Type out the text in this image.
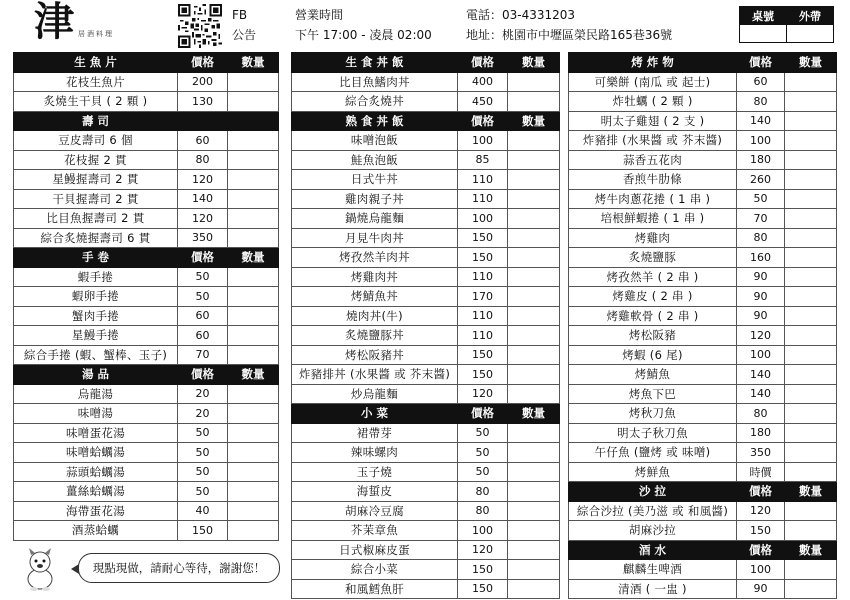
津 居酒料理
FB
公告
營業時間
下午 17:00 - 凌晨 02:00
電話：03-4331203
地址：桃園市中壢區榮民路165巷36號
桌號	外帶

生 魚 片	價格	數量
花枝生魚片	200	
炙燒生干貝 ( 2 顆 )	130	
壽 司		
豆皮壽司 6 個	60	
花枝握 2 貫	80	
星鰻握壽司 2 貫	120	
干貝握壽司 2 貫	140	
比目魚握壽司 2 貫	120	
綜合炙燒握壽司 6 貫	350	
手 卷	價格	數量
蝦手捲	50	
蝦卵手捲	50	
蟹肉手捲	60	
星鰻手捲	60	
綜合手捲 (蝦、蟹棒、玉子)	70	
湯 品	價格	數量
烏龍湯	20	
味噌湯	20	
味噌蛋花湯	50	
味噌蛤蠣湯	50	
蒜頭蛤蠣湯	50	
薑絲蛤蠣湯	50	
海帶蛋花湯	40	
酒蒸蛤蠣	150	
生 食 丼 飯	價格	數量
比目魚鰭肉丼	400	
綜合炙燒丼	450	
熟 食 丼 飯	價格	數量
味噌泡飯	100	
鮭魚泡飯	85	
日式牛丼	110	
雞肉親子丼	110	
鍋燒烏龍麵	100	
月見牛肉丼	150	
烤孜然羊肉丼	150	
烤雞肉丼	110	
烤鯖魚丼	170	
燒肉丼(牛)	110	
炙燒鹽豚丼	110	
烤松阪豬丼	150	
炸豬排丼 (水果醬 或 芥末醬)	150	
炒烏龍麵	120	
小 菜	價格	數量
裙帶芽	50	
辣味螺肉	50	
玉子燒	50	
海蜇皮	80	
胡麻冷豆腐	80	
芥茉章魚	100	
日式椒麻皮蛋	120	
綜合小菜	150	
和風鱈魚肝	150	
烤 炸 物	價格	數量
可樂餅 (南瓜 或 起士)	60	
炸牡蠣 ( 2 顆 )	80	
明太子雞翅 ( 2 支 )	140	
炸豬排 (水果醬 或 芥末醬)	100	
蒜香五花肉	180	
香煎牛肋條	260	
烤牛肉蔥花捲 ( 1 串 )	50	
培根鮮蝦捲 ( 1 串 )	70	
烤雞肉	80	
炙燒鹽豚	160	
烤孜然羊 ( 2 串 )	90	
烤雞皮 ( 2 串 )	90	
烤雞軟骨 ( 2 串 )	90	
烤松阪豬	120	
烤蝦 (6 尾)	100	
烤鯖魚	140	
烤魚下巴	140	
烤秋刀魚	80	
明太子秋刀魚	180	
午仔魚 (鹽烤 或 味噌)	350	
烤鮮魚	時價	
沙 拉	價格	數量
綜合沙拉 (美乃滋 或 和風醬)	120	
胡麻沙拉	150	
酒 水	價格	數量
麒麟生啤酒	100	
清酒 ( 一盅 )	90	
現點現做，請耐心等待，謝謝您！
